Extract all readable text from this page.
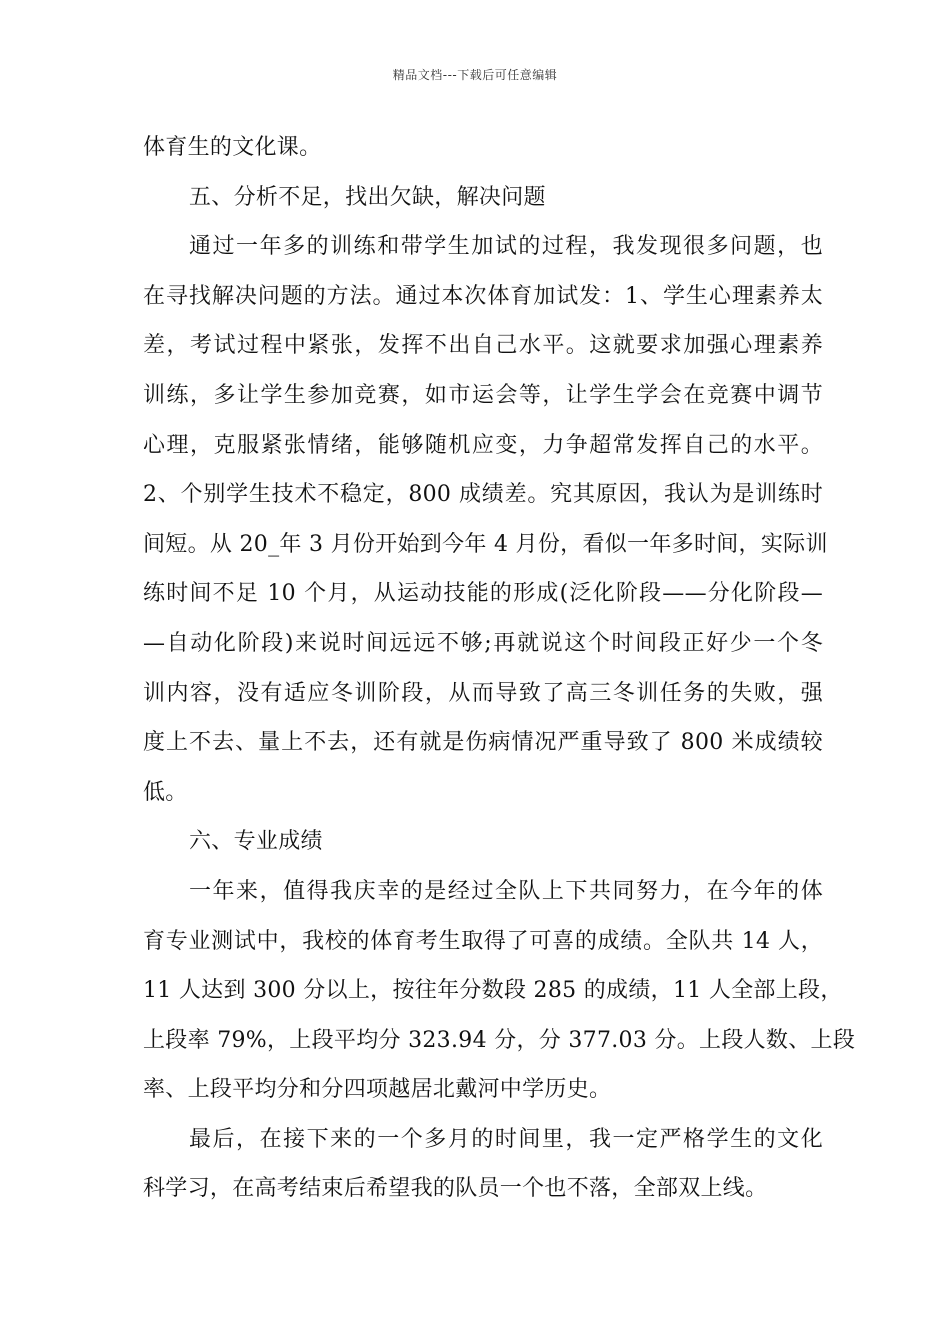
精品文档---下载后可任意编辑
体育生的文化课。
五、分析不足，找出欠缺，解决问题
通过一年多的训练和带学生加试的过程，我发现很多问题，也
在寻找解决问题的方法。通过本次体育加试发：1、学生心理素养太
差，考试过程中紧张，发挥不出自己水平。这就要求加强心理素养
训练，多让学生参加竞赛，如市运会等，让学生学会在竞赛中调节
心理，克服紧张情绪，能够随机应变，力争超常发挥自己的水平。
2、个别学生技术不稳定，800 成绩差。究其原因，我认为是训练时
间短。从 20_年 3 月份开始到今年 4 月份，看似一年多时间，实际训
练时间不足 10 个月，从运动技能的形成(泛化阶段——分化阶段—
—自动化阶段)来说时间远远不够;再就说这个时间段正好少一个冬
训内容，没有适应冬训阶段，从而导致了高三冬训任务的失败，强
度上不去、量上不去，还有就是伤病情况严重导致了 800 米成绩较
低。
六、专业成绩
一年来，值得我庆幸的是经过全队上下共同努力，在今年的体
育专业测试中，我校的体育考生取得了可喜的成绩。全队共 14 人，
11 人达到 300 分以上，按往年分数段 285 的成绩，11 人全部上段，
上段率 79%，上段平均分 323.94 分，分 377.03 分。上段人数、上段
率、上段平均分和分四项越居北戴河中学历史。
最后，在接下来的一个多月的时间里，我一定严格学生的文化
科学习，在高考结束后希望我的队员一个也不落，全部双上线。
